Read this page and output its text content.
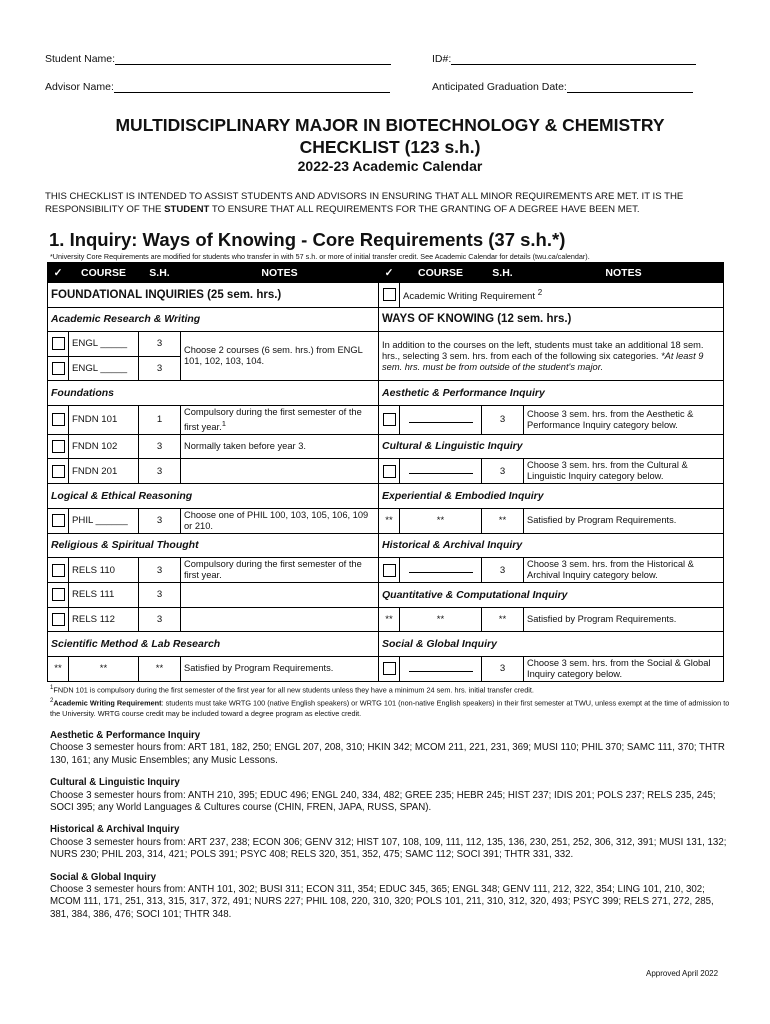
Student Name:	ID#:
Advisor Name:	Anticipated Graduation Date:
MULTIDISCIPLINARY MAJOR IN BIOTECHNOLOGY & CHEMISTRY
CHECKLIST (123 s.h.)
2022-23 Academic Calendar
THIS CHECKLIST IS INTENDED TO ASSIST STUDENTS AND ADVISORS IN ENSURING THAT ALL MINOR REQUIREMENTS ARE MET. IT IS THE RESPONSIBILITY OF THE STUDENT TO ENSURE THAT ALL REQUIREMENTS FOR THE GRANTING OF A DEGREE HAVE BEEN MET.
1. Inquiry: Ways of Knowing - Core Requirements (37 s.h.*)
*University Core Requirements are modified for students who transfer in with 57 s.h. or more of initial transfer credit. See Academic Calendar for details (twu.ca/calendar).
✓	COURSE	S.H.	NOTES	✓	COURSE	S.H.	NOTES
FOUNDATIONAL INQUIRIES (25 sem. hrs.)					Academic Writing Requirement $^2$
Academic Research & Writing				WAYS OF KNOWING (12 sem. hrs.)			
	ENGL _____	3	Choose 2 courses (6 sem. hrs.) from ENGL 101, 102, 103, 104.	In addition to the courses on the left, students must take an additional 18 sem. hrs., selecting 3 sem. hrs. from each of the following six categories. *At least 9 sem. hrs. must be from outside of the student's major.			
	ENGL _____	3					
Foundations				Aesthetic & Performance Inquiry			
	FNDN 101	1	Compulsory during the first semester of the first year.$^1$			3	Choose 3 sem. hrs. from the Aesthetic & Performance Inquiry category below.
	FNDN 102	3	Normally taken before year 3.	Cultural & Linguistic Inquiry			
	FNDN 201	3				3	Choose 3 sem. hrs. from the Cultural & Linguistic Inquiry category below.
Logical & Ethical Reasoning				Experiential & Embodied Inquiry			
	PHIL ______	3	Choose one of PHIL 100, 103, 105, 106, 109 or 210.	**	**	**	Satisfied by Program Requirements.
Religious & Spiritual Thought				Historical & Archival Inquiry			
	RELS 110	3	Compulsory during the first semester of the first year.			3	Choose 3 sem. hrs. from the Historical & Archival Inquiry category below.
	RELS 111	3		Quantitative & Computational Inquiry			
	RELS 112	3		**	**	**	Satisfied by Program Requirements.
Scientific Method & Lab Research				Social & Global Inquiry			
**	**	**	Satisfied by Program Requirements.			3	Choose 3 sem. hrs. from the Social & Global Inquiry category below.
$^1$FNDN 101 is compulsory during the first semester of the first year for all new students unless they have a minimum 24 sem. hrs. initial transfer credit.
$^2$Academic Writing Requirement: students must take WRTG 100 (native English speakers) or WRTG 101 (non-native English speakers) in their first semester at TWU, unless exempt at the time of admission to the University. WRTG course credit may be included toward a degree program as elective credit.
Aesthetic & Performance Inquiry
Choose 3 semester hours from: ART 181, 182, 250; ENGL 207, 208, 310; HKIN 342; MCOM 211, 221, 231, 369; MUSI 110; PHIL 370; SAMC 111, 370; THTR 130, 161; any Music Ensembles; any Music Lessons.
Cultural & Linguistic Inquiry
Choose 3 semester hours from: ANTH 210, 395; EDUC 496; ENGL 240, 334, 482; GREE 235; HEBR 245; HIST 237; IDIS 201; POLS 237; RELS 235, 245; SOCI 395; any World Languages & Cultures course (CHIN, FREN, JAPA, RUSS, SPAN).
Historical & Archival Inquiry
Choose 3 semester hours from: ART 237, 238; ECON 306; GENV 312; HIST 107, 108, 109, 111, 112, 135, 136, 230, 251, 252, 306, 312, 391; MUSI 131, 132; NURS 230; PHIL 203, 314, 421; POLS 391; PSYC 408; RELS 320, 351, 352, 475; SAMC 112; SOCI 391; THTR 331, 332.
Social & Global Inquiry
Choose 3 semester hours from: ANTH 101, 302; BUSI 311; ECON 311, 354; EDUC 345, 365; ENGL 348; GENV 111, 212, 322, 354; LING 101, 210, 302; MCOM 111, 171, 251, 313, 315, 317, 372, 491; NURS 227; PHIL 108, 220, 310, 320; POLS 101, 211, 310, 312, 320, 493; PSYC 399; RELS 271, 272, 285, 381, 384, 386, 476; SOCI 101; THTR 348.
Approved April 2022
